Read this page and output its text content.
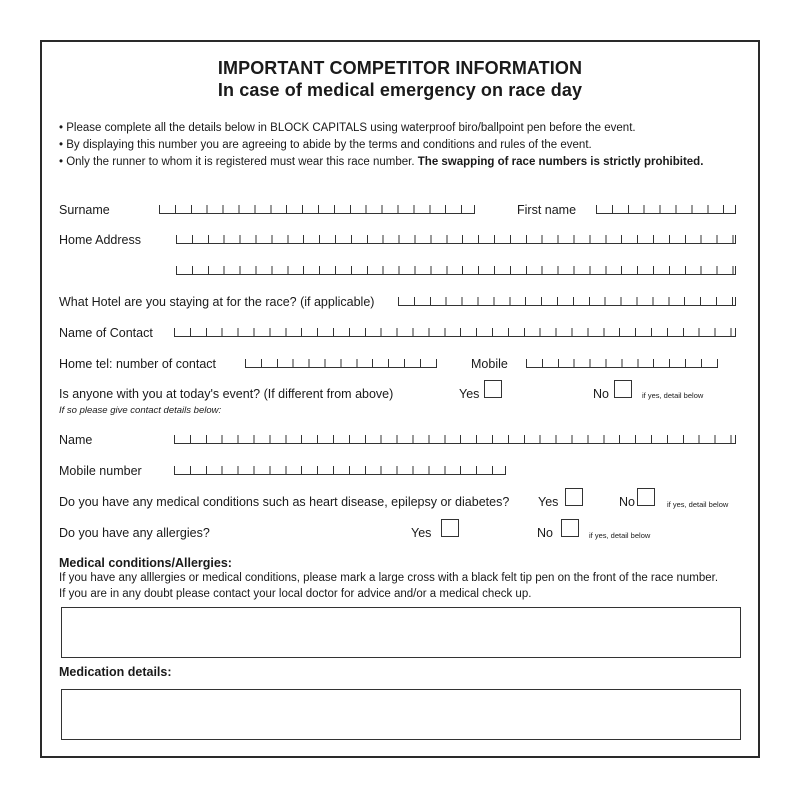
IMPORTANT COMPETITOR INFORMATION
In case of medical emergency on race day
• Please complete all the details below in BLOCK CAPITALS using waterproof biro/ballpoint pen before the event.
• By displaying this number you are agreeing to abide by the terms and conditions and rules of the event.
• Only the runner to whom it is registered must wear this race number. The swapping of race numbers is strictly prohibited.
Surname	First name
Home Address
What Hotel are you staying at for the race? (if applicable)
Name of Contact
Home tel: number of contact	Mobile
Is anyone with you at today's event? (If different from above)	Yes	No	if yes, detail below
If so please give contact details below:
Name
Mobile number
Do you have any medical conditions such as heart disease, epilepsy or diabetes? Yes	No	if yes, detail below
Do you have any allergies?	Yes	No	if yes, detail below
Medical conditions/Allergies:
If you have any alllergies or medical conditions, please mark a large cross with a black felt tip pen on the front of the race number.
If you are in any doubt please contact your local doctor for advice and/or a medical check up.
Medication details:
